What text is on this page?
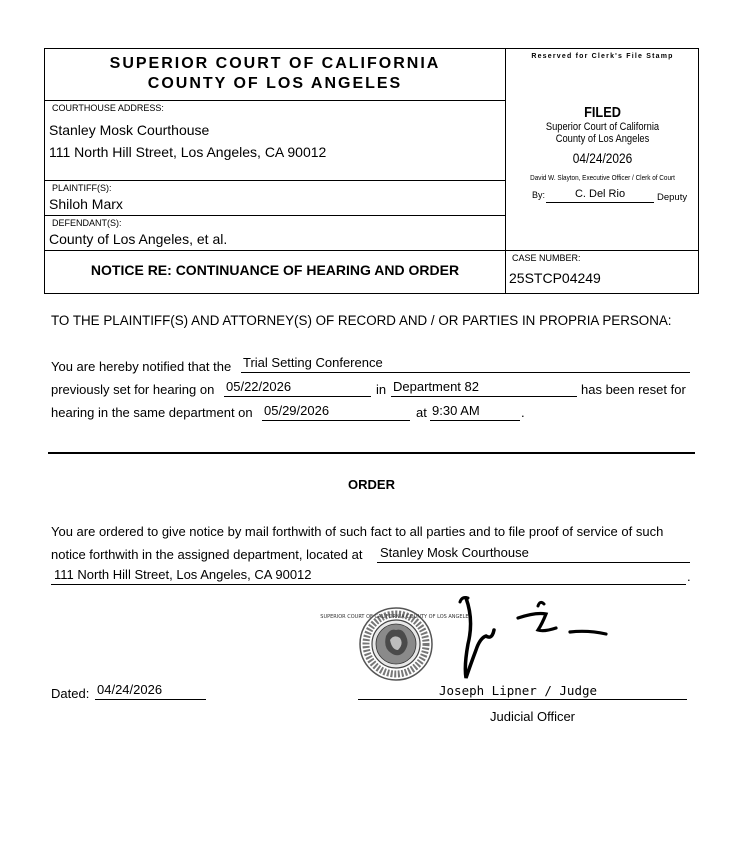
SUPERIOR COURT OF CALIFORNIA
COUNTY OF LOS ANGELES
COURTHOUSE ADDRESS:
Stanley Mosk Courthouse
111 North Hill Street, Los Angeles, CA 90012
PLAINTIFF(S):
Shiloh Marx
DEFENDANT(S):
County of Los Angeles, et al.
Reserved for Clerk's File Stamp
FILED
Superior Court of California
County of Los Angeles
04/24/2026
David W. Slayton, Executive Officer / Clerk of Court
By:	C. Del Rio	Deputy
NOTICE RE: CONTINUANCE OF HEARING AND ORDER
CASE NUMBER:
25STCP04249
TO THE PLAINTIFF(S) AND ATTORNEY(S) OF RECORD AND / OR PARTIES IN PROPRIA PERSONA:
You are hereby notified that the Trial Setting Conference
previously set for hearing on 05/22/2026	in Department 82	has been reset for
hearing in the same department on 05/29/2026	at 9:30 AM	.
ORDER
You are ordered to give notice by mail forthwith of such fact to all parties and to file proof of service of such
notice forthwith in the assigned department, located at Stanley Mosk Courthouse
111 North Hill Street, Los Angeles, CA 90012	.
Dated: 04/24/2026
SUPERIOR COURT OF CALIFORNIA COUNTY OF LOS ANGELES
Joseph Lipner / Judge
Judicial Officer
